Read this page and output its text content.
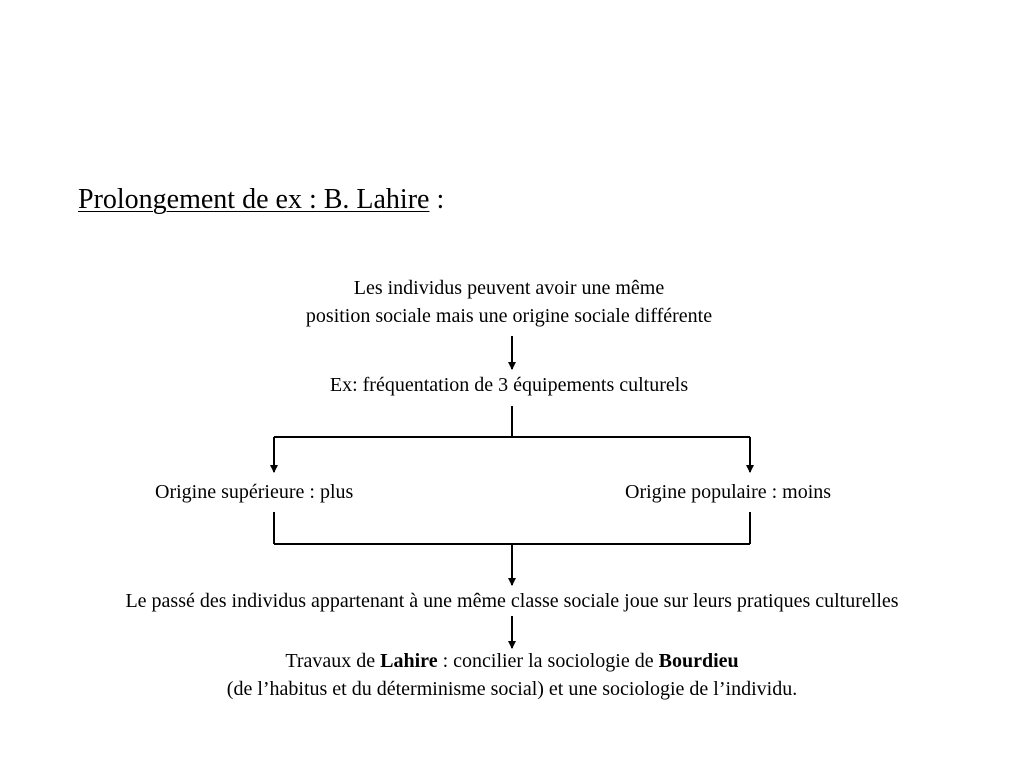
Prolongement de ex : B. Lahire :
Les individus peuvent avoir une même
position sociale mais une origine sociale différente
Ex: fréquentation de 3 équipements culturels
Origine supérieure : plus	Origine populaire : moins
Le passé des individus appartenant à une même classe sociale joue sur leurs pratiques culturelles
Travaux de Lahire : concilier la sociologie de Bourdieu
(de l’habitus et du déterminisme social) et une sociologie de l’individu.
